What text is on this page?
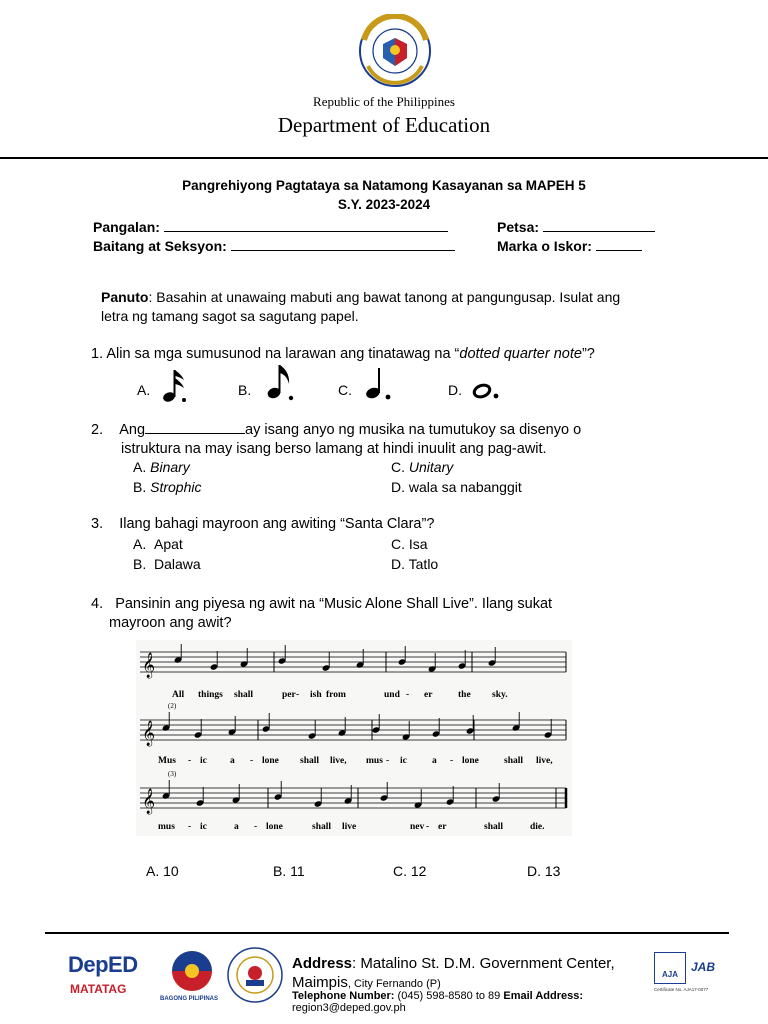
Republic of the Philippines
Department of Education
Pangrehiyong Pagtataya sa Natamong Kasayanan sa MAPEH 5
S.Y. 2023-2024
Pangalan:	Petsa:
Baitang at Seksyon:	Marka o Iskor:
Panuto: Basahin at unawaing mabuti ang bawat tanong at pangungusap. Isulat ang
letra ng tamang sagot sa sagutang papel.
1. Alin sa mga sumusunod na larawan ang tinatawag na “dotted quarter note”?
A.	B.	C.	D.
2. Ang	ay isang anyo ng musika na tumutukoy sa disenyo o
istruktura na may isang berso lamang at hindi inuulit ang pag-awit.
A. Binary
B. Strophic
C. Unitary
D. wala sa nabanggit
3. Ilang bahagi mayroon ang awiting “Santa Clara”?
A. Apat
B. Dalawa
C. Isa
D. Tatlo
4. Pansinin ang piyesa ng awit na “Music Alone Shall Live”. Ilang sukat
mayroon ang awit?
𝄞
𝄞
𝄞
(2)
(3)
All things shall	per - ish from	und - er	the sky.
Mus - ic a - lone shall live, mus - ic	a - lone	shall live,
mus - ic	a - lone	shall live	nev - er	shall	die.
A. 10	B. 11	C. 12	D. 13
DepED
MATATAG
BAGONG PILIPINAS
Address: Matalino St. D.M. Government Center,
Maimpis, City Fernando (P)
Telephone Number: (045) 598-8580 to 89 Email Address:
region3@deped.gov.ph
AJA
JAB
Certificate No. AJA17-0077
